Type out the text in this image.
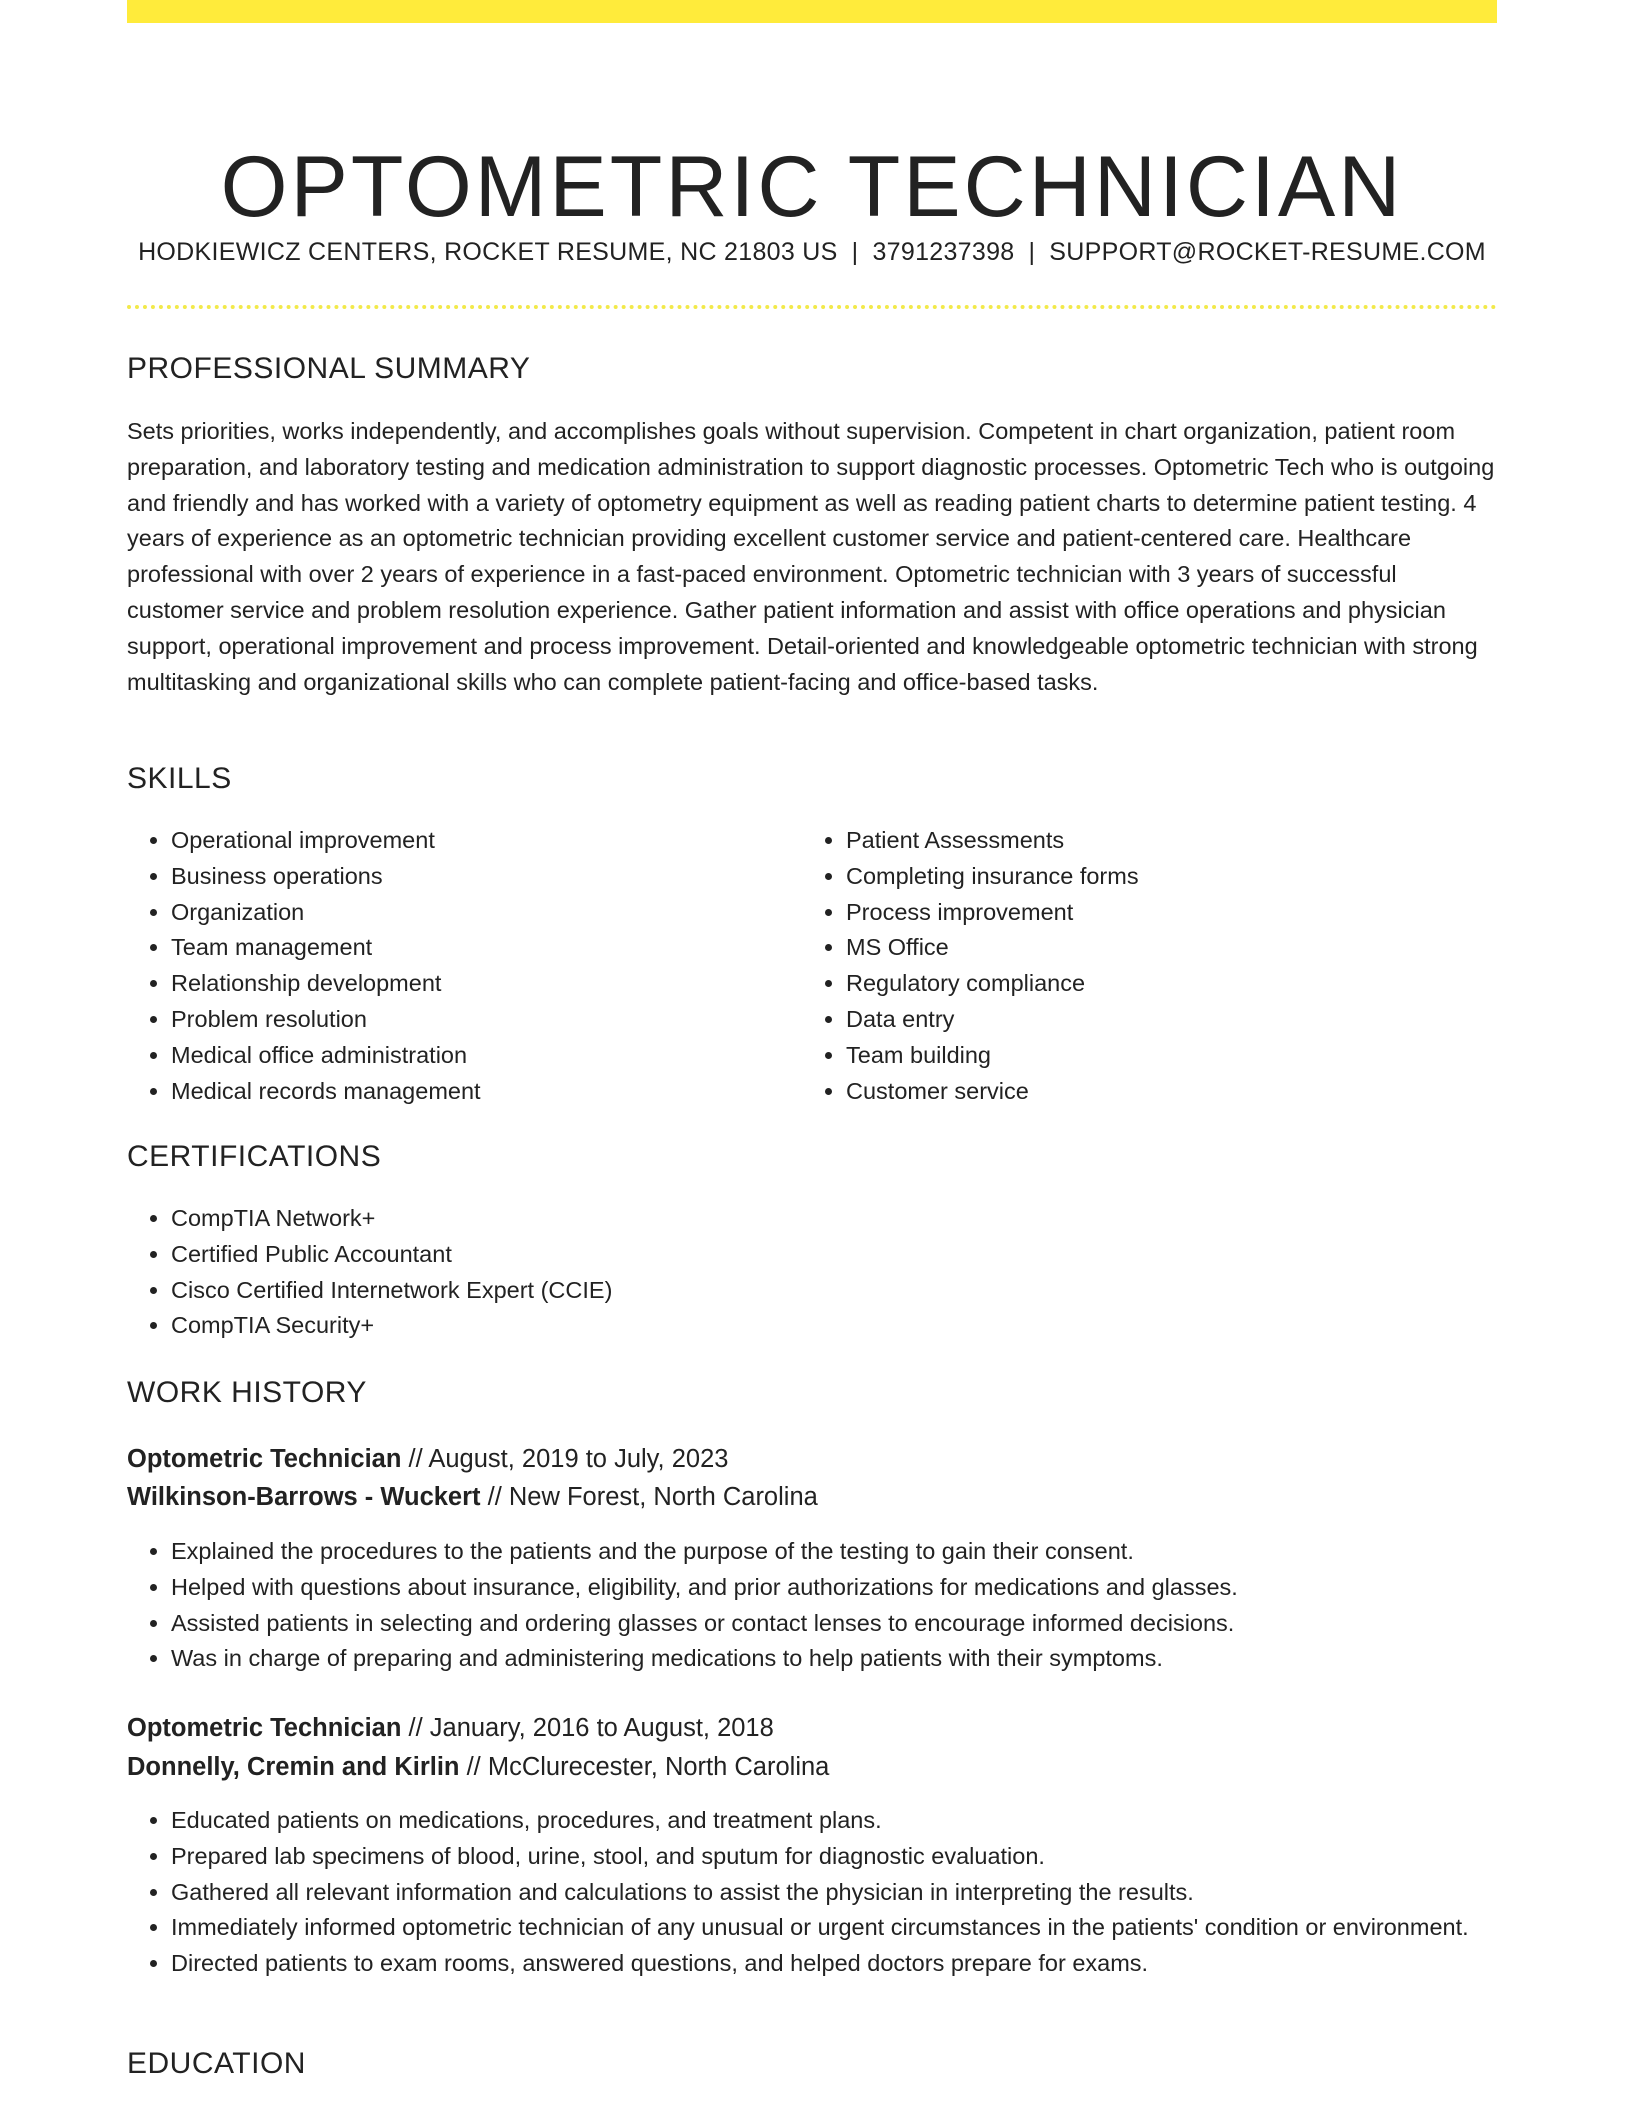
OPTOMETRIC TECHNICIAN
HODKIEWICZ CENTERS, ROCKET RESUME, NC 21803 US | 3791237398 | SUPPORT@ROCKET-RESUME.COM
PROFESSIONAL SUMMARY

Sets priorities, works independently, and accomplishes goals without supervision. Competent in chart organization, patient room preparation, and laboratory testing and medication administration to support diagnostic processes. Optometric Tech who is outgoing and friendly and has worked with a variety of optometry equipment as well as reading patient charts to determine patient testing. 4 years of experience as an optometric technician providing excellent customer service and patient-centered care. Healthcare professional with over 2 years of experience in a fast-paced environment. Optometric technician with 3 years of successful customer service and problem resolution experience. Gather patient information and assist with office operations and physician support, operational improvement and process improvement. Detail-oriented and knowledgeable optometric technician with strong multitasking and organizational skills who can complete patient-facing and office-based tasks.

SKILLS
• Operational improvement
• Business operations
• Organization
• Team management
• Relationship development
• Problem resolution
• Medical office administration
• Medical records management
• Patient Assessments
• Completing insurance forms
• Process improvement
• MS Office
• Regulatory compliance
• Data entry
• Team building
• Customer service
CERTIFICATIONS
• CompTIA Network+
• Certified Public Accountant
• Cisco Certified Internetwork Expert (CCIE)
• CompTIA Security+
WORK HISTORY
Optometric Technician // August, 2019 to July, 2023
Wilkinson-Barrows - Wuckert // New Forest, North Carolina
• Explained the procedures to the patients and the purpose of the testing to gain their consent.
• Helped with questions about insurance, eligibility, and prior authorizations for medications and glasses.
• Assisted patients in selecting and ordering glasses or contact lenses to encourage informed decisions.
• Was in charge of preparing and administering medications to help patients with their symptoms.
Optometric Technician // January, 2016 to August, 2018
Donnelly, Cremin and Kirlin // McClurecester, North Carolina
• Educated patients on medications, procedures, and treatment plans.
• Prepared lab specimens of blood, urine, stool, and sputum for diagnostic evaluation.
• Gathered all relevant information and calculations to assist the physician in interpreting the results.
• Immediately informed optometric technician of any unusual or urgent circumstances in the patients' condition or environment.
• Directed patients to exam rooms, answered questions, and helped doctors prepare for exams.
EDUCATION
